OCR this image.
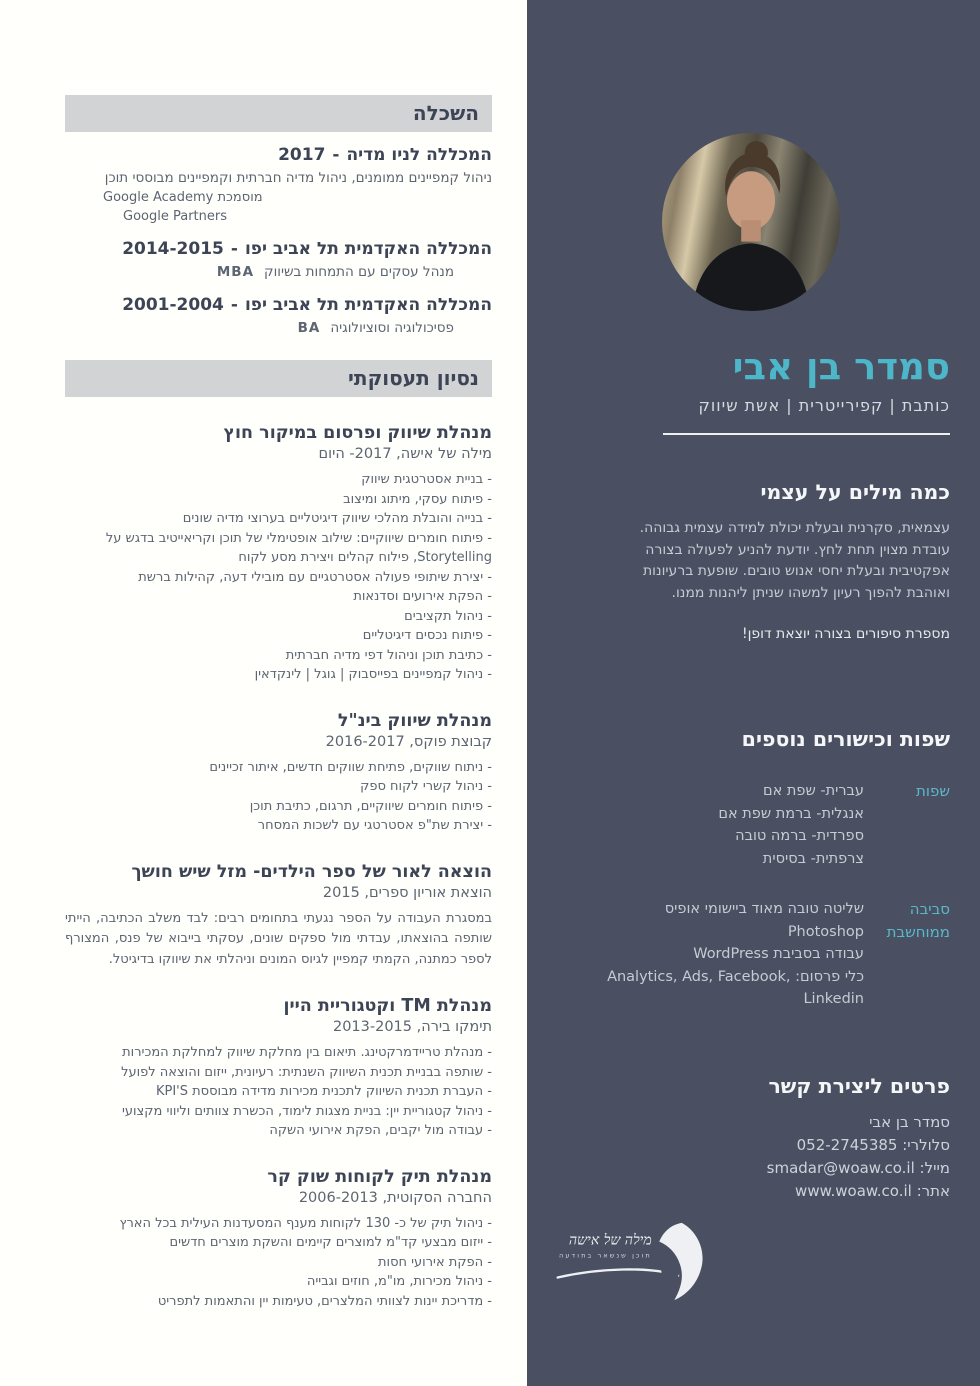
השכלה
2017 - המכללה לניו מדיה
ניהול קמפיינים ממומנים, ניהול מדיה חברתית וקמפיינים מבוססי תוכן
מוסמכת Google Academy
Google Partners
2014-2015 - המכללה האקדמית תל אביב יפו
MBA מנהל עסקים עם התמחות בשיווק
2001-2004 - המכללה האקדמית תל אביב יפו
BA פסיכולוגיה וסוציולוגיה
נסיון תעסוקתי
מנהלת שיווק ופרסום במיקור חוץ
מילה של אישה, 2017- היום
- בניית אסטרטגית שיווק
- פיתוח עסקי, מיתוג ומיצוב
- בנייה והובלת מהלכי שיווק דיגיטליים בערוצי מדיה שונים
- פיתוח חומרים שיווקיים: שילוב אופטימלי של תוכן וקריאייטיב בדגש על Storytelling, פילוח קהלים ויצירת מסע לקוח
- יצירת שיתופי פעולה אסטרטגיים עם מובילי דעה, קהילות ברשת
- הפקת אירועים וסדנאות
- ניהול תקציבים
- פיתוח נכסים דיגיטליים
- כתיבת תוכן וניהול דפי מדיה חברתית
- ניהול קמפיינים בפייסבוק | גוגל | לינקדאין
מנהלת שיווק בינ"ל
קבוצת פוקס, 2016-2017
- ניתוח שווקים, פתיחת שווקים חדשים, איתור זכיינים
- ניהול קשרי לקוח ספק
- פיתוח חומרים שיווקיים, תרגום, כתיבת תוכן
- יצירת שת"פ אסטרטגי עם לשכות המסחר
הוצאה לאור של ספר הילדים- מזל שיש חושך
הוצאת אוריון ספרים, 2015

במסגרת העבודה על הספר נגעתי בתחומים רבים: לבד משלב הכתיבה, הייתי שותפה בהוצאתו, עבדתי מול ספקים שונים, עסקתי בייבוא של פנס, המצורף לספר כמתנה, הקמתי קמפיין לגיוס המונים וניהלתי את שיווקו בדיגיטל.

מנהלת TM וקטגוריית היין
תימקו בירה, 2013-2015
- מנהלת טריידמרקטינג. תיאום בין מחלקת שיווק למחלקת המכירות
- שותפה בבניית תכנית השיווק השנתית: רעיונית, ייזום והוצאה לפועל
- העברת תכנית השיווק לתכנית מכירות מדידה מבוססת KPI'S
- ניהול קטגוריית יין: בניית מצגות לימוד, הכשרת צוותים וליווי מקצועי
- עבודה מול יקבים, הפקת אירועי השקה
מנהלת תיק לקוחות שוק קר
החברה הסקוטית, 2006-2013
- ניהול תיק של כ- 130 לקוחות מענף המסעדנות העילית בכל הארץ
- ייזום מבצעי קד"מ למוצרים קיימים והשקת מוצרים חדשים
- הפקת אירועי חסות
- ניהול מכירות, מו"מ, חוזים וגבייה
- מדריכת יינות לצוותי המלצרים, טעימות יין והתאמות לתפריט
סמדר בן אבי
כותבת | קפירייטרית | אשת שיווק
כמה מילים על עצמי

עצמאית, סקרנית ובעלת יכולת למידה עצמית גבוהה. עובדת מצוין תחת לחץ. יודעת להניע לפעולה בצורה אפקטיבית ובעלת יחסי אנוש טובים. שופעת ברעיונות ואוהבת להפוך רעיון למשהו שניתן ליהנות ממנו.

מספרת סיפורים בצורה יוצאת דופן!

שפות וכישורים נוספים
שפות
עברית- שפת אם
אנגלית- ברמת שפת אם
ספרדית- ברמה טובה
צרפתית- בסיסית
סביבה ממוחשבת
שליטה טובה מאוד ביישומי אופיס
Photoshop
עבודה בסביבת WordPress
כלי פרסום: Analytics, Ads, Facebook, Linkedin
פרטים ליצירת קשר
סמדר בן אבי
סלולרי: 052-2745385
מייל: smadar@woaw.co.il
אתר: www.woaw.co.il
מילה של אישה
תוכן שנשאר בתודעה
